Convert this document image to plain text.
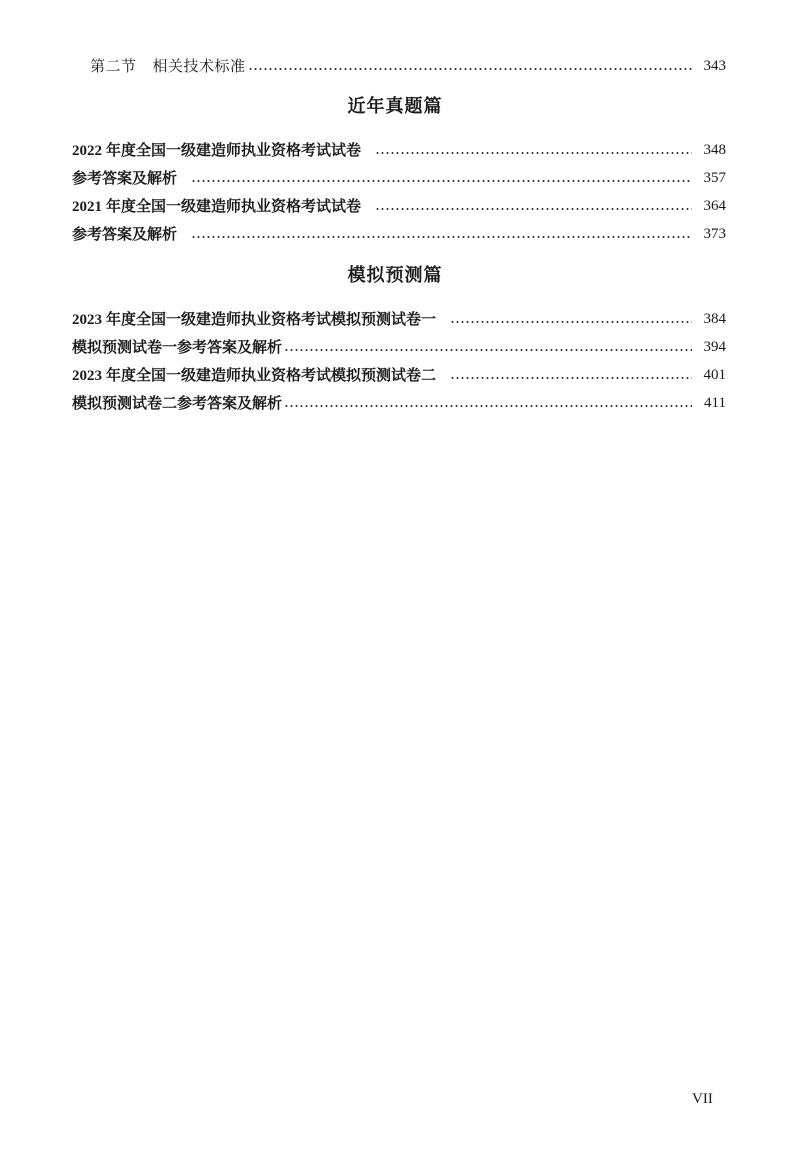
第二节 相关技术标准	343
近年真题篇
2022 年度全国一级建造师执业资格考试试卷	348
参考答案及解析	357
2021 年度全国一级建造师执业资格考试试卷	364
参考答案及解析	373
模拟预测篇
2023 年度全国一级建造师执业资格考试模拟预测试卷一	384
模拟预测试卷一参考答案及解析	394
2023 年度全国一级建造师执业资格考试模拟预测试卷二	401
模拟预测试卷二参考答案及解析	411
VII
